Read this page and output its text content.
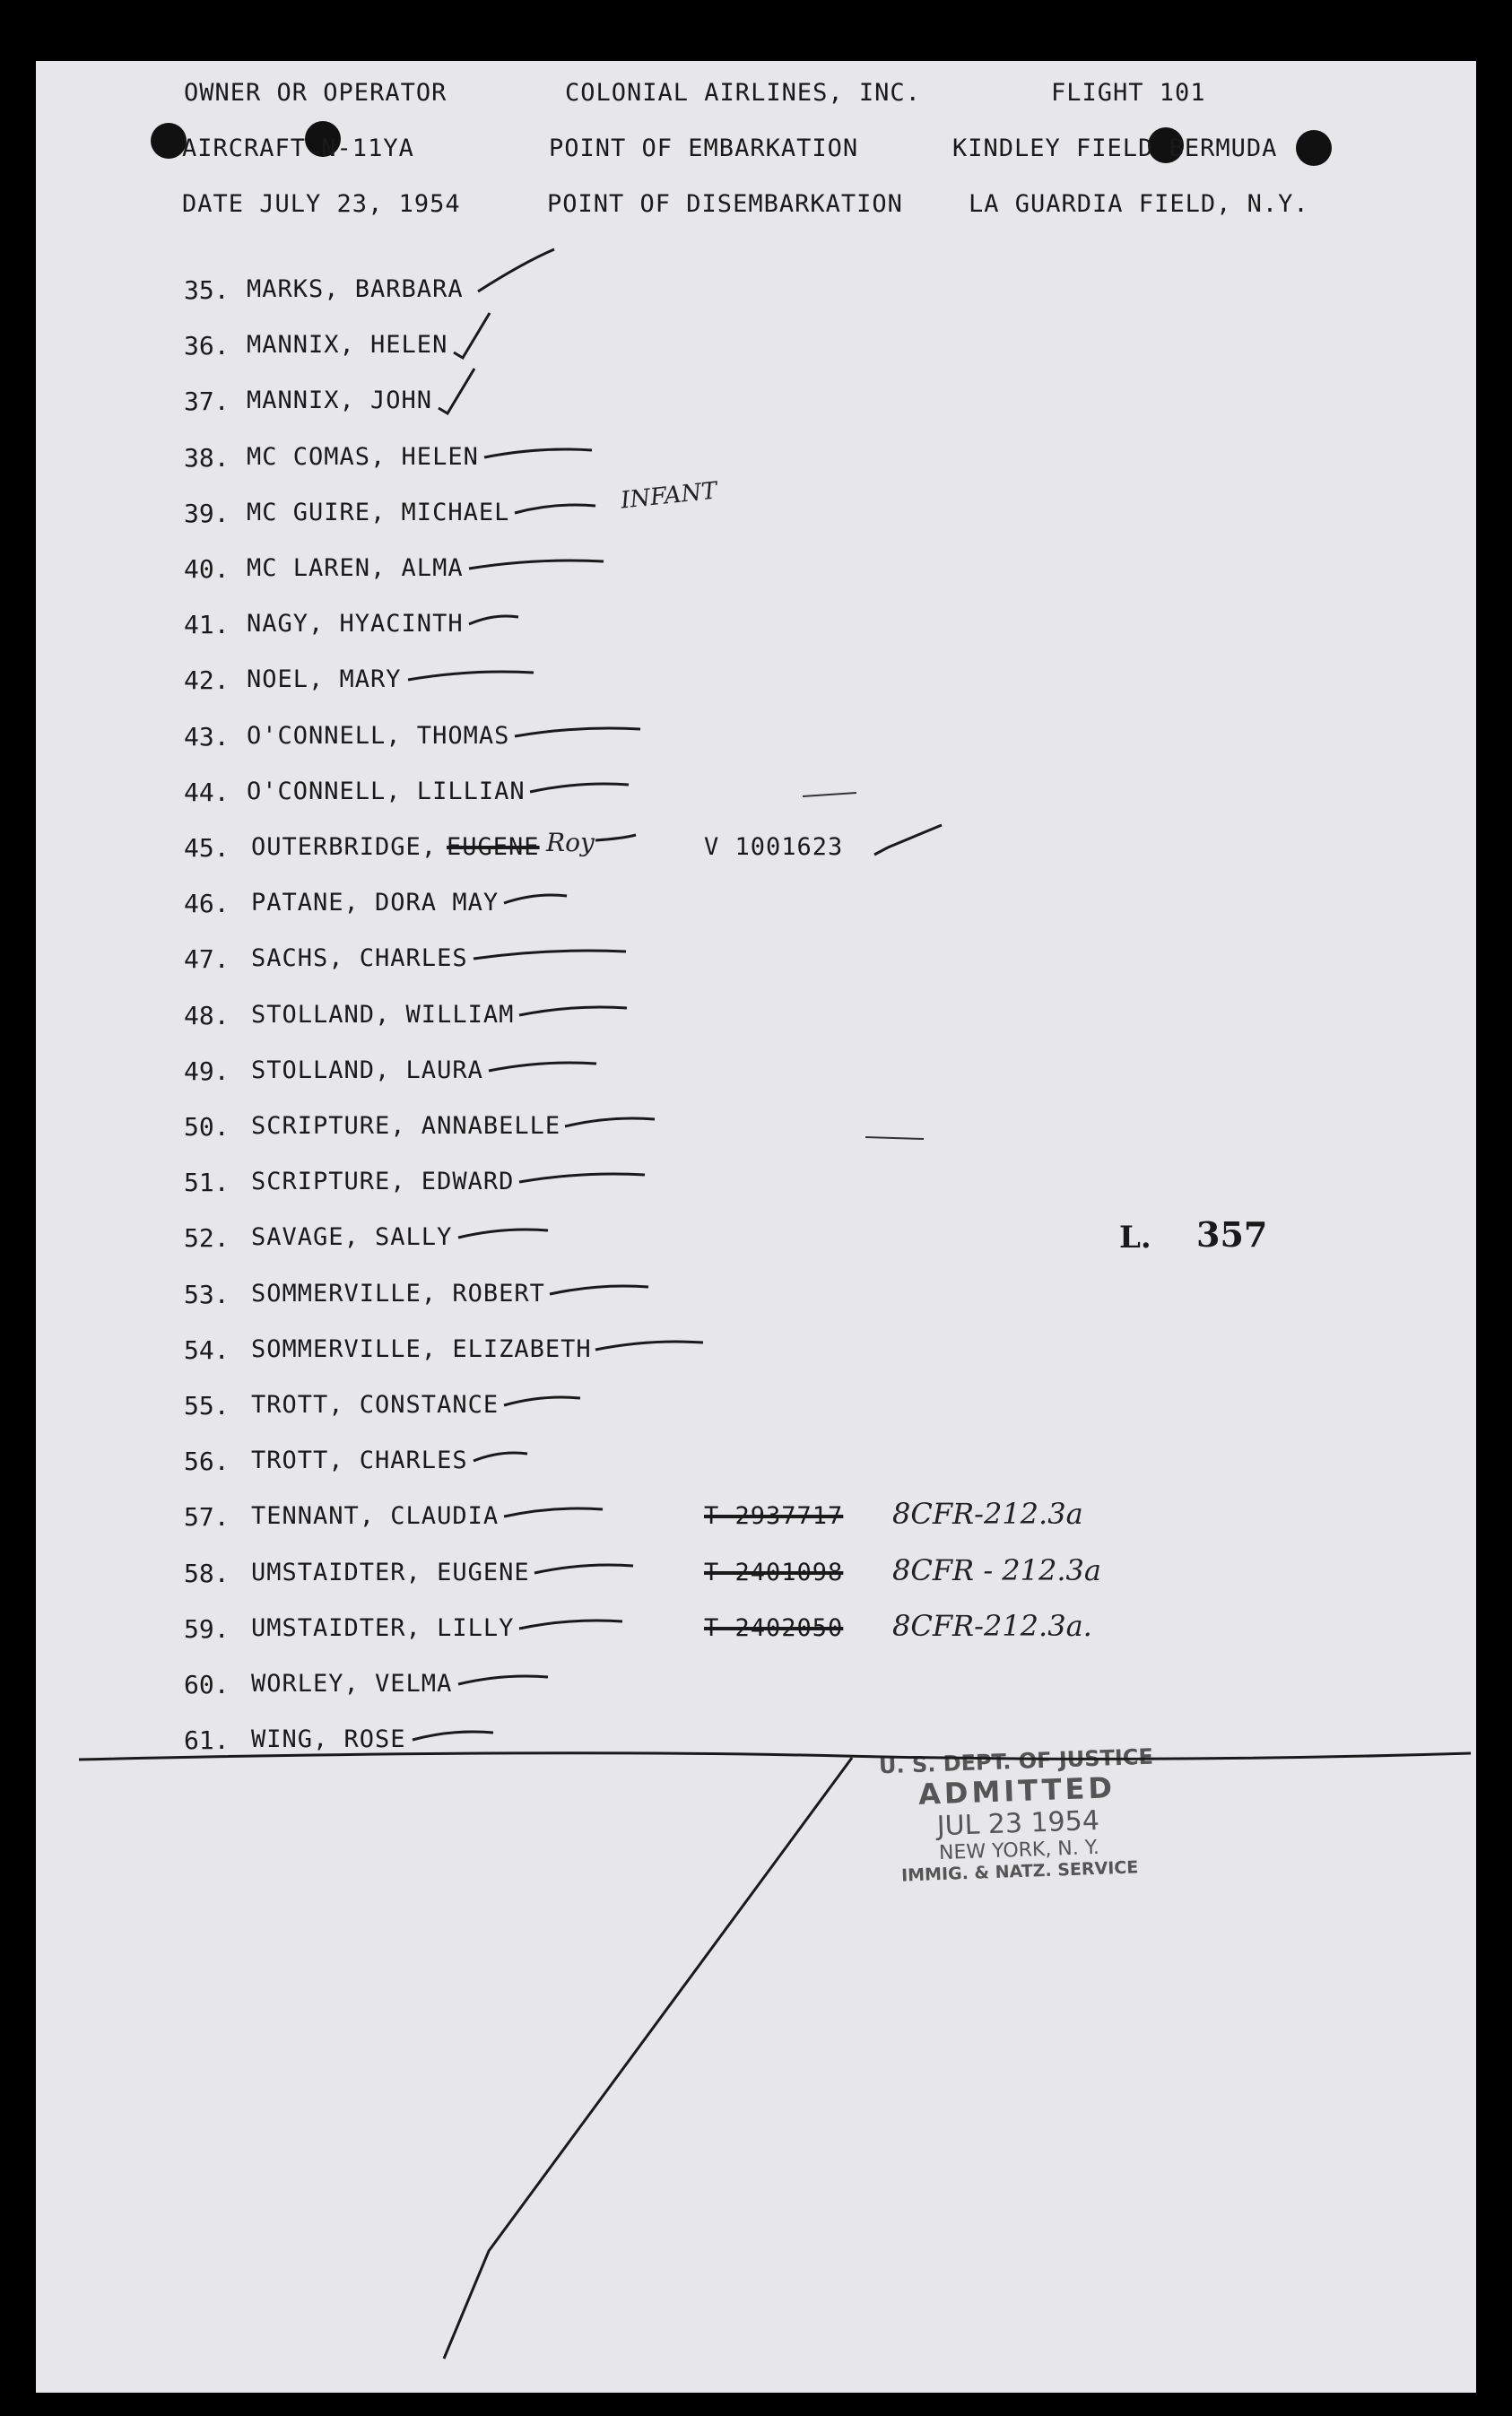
OWNER OR OPERATOR	COLONIAL AIRLINES, INC.	FLIGHT 101
AIRCRAFT N-11YA	POINT OF EMBARKATION	KINDLEY FIELD BERMUDA
DATE JULY 23, 1954	POINT OF DISEMBARKATION	LA GUARDIA FIELD, N.Y.
35. MARKS, BARBARA
36. MANNIX, HELEN
37. MANNIX, JOHN
38. MC COMAS, HELEN
39. MC GUIRE, MICHAEL
40. MC LAREN, ALMA
41. NAGY, HYACINTH
42. NOEL, MARY
43. O'CONNELL, THOMAS
44. O'CONNELL, LILLIAN
45. OUTERBRIDGE, EUGENE Roy	V 1001623
46. PATANE, DORA MAY
47. SACHS, CHARLES
48. STOLLAND, WILLIAM
49. STOLLAND, LAURA
50. SCRIPTURE, ANNABELLE
51. SCRIPTURE, EDWARD
52. SAVAGE, SALLY
53. SOMMERVILLE, ROBERT
54. SOMMERVILLE, ELIZABETH
55. TROTT, CONSTANCE
56. TROTT, CHARLES
57. TENNANT, CLAUDIA	T 2937717 8CFR-212.3a
58. UMSTAIDTER, EUGENE	T 2401098 8CFR - 212.3a
59. UMSTAIDTER, LILLY	T 2402050 8CFR-212.3a.
60. WORLEY, VELMA
61. WING, ROSE
INFANT
L. 357
U. S. DEPT. OF JUSTICE
ADMITTED
JUL 23 1954
NEW YORK, N. Y.
IMMIG. & NATZ. SERVICE
